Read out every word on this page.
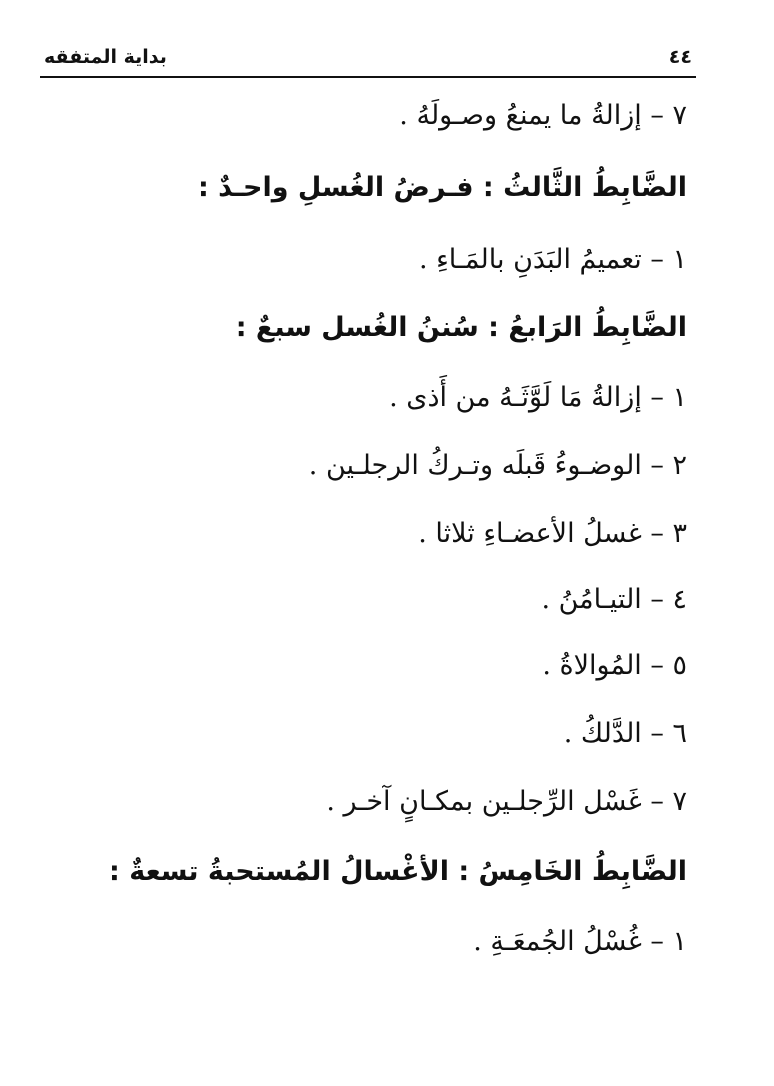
بداية المتفقه	٤٤
٧ – إزالةُ ما يمنعُ وصـولَهُ .
الضَّابِطُ الثَّالثُ : فـرضُ الغُسلِ واحـدٌ :
١ – تعميمُ البَدَنِ بالمَـاءِ .
الضَّابِطُ الرَابعُ : سُننُ الغُسل سبعٌ :
١ – إزالةُ مَا لَوَّثَـهُ من أَذى .
٢ – الوضـوءُ قَبلَه وتـركُ الرجلـين .
٣ – غسلُ الأعضـاءِ ثلاثا .
٤ – التيـامُنُ .
٥ – المُوالاةُ .
٦ – الدَّلكُ .
٧ – غَسْل الرِّجلـين بمكـانٍ آخـر .
الضَّابِطُ الخَامِسُ : الأغْسالُ المُستحبةُ تسعةٌ :
١ – غُسْلُ الجُمعَـةِ .
